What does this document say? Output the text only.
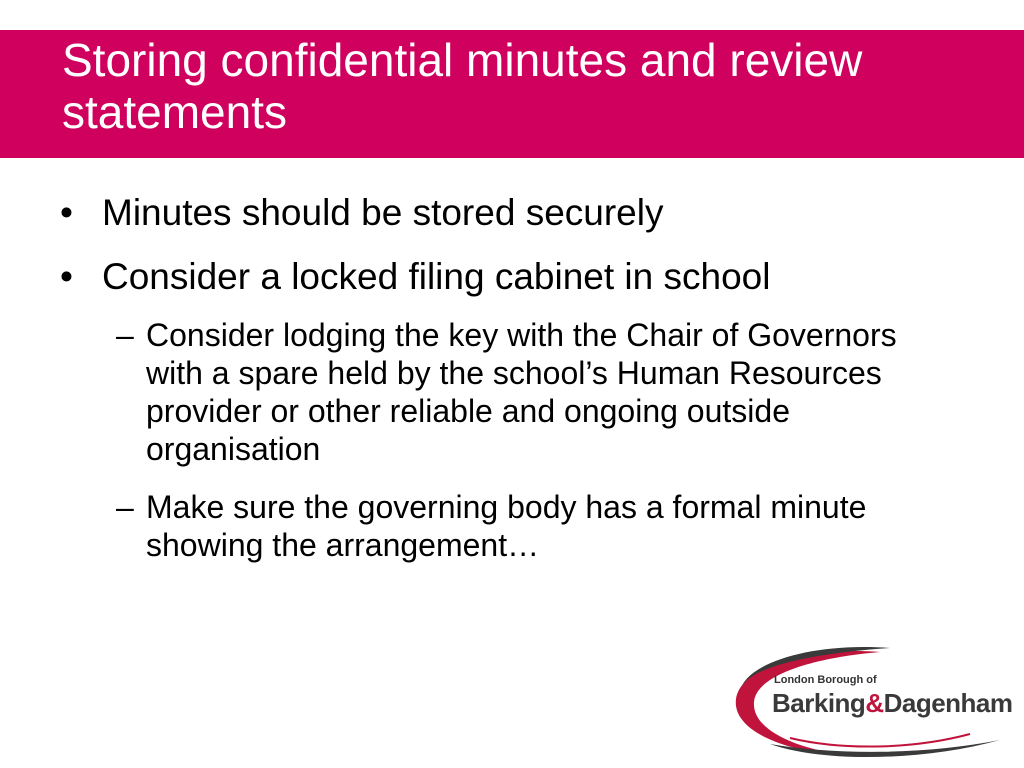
Storing confidential minutes and review statements
• Minutes should be stored securely
• Consider a locked filing cabinet in school
– Consider lodging the key with the Chair of Governors with a spare held by the school’s Human Resources provider or other reliable and ongoing outside organisation
– Make sure the governing body has a formal minute showing the arrangement…
London Borough of
Barking&Dagenham
